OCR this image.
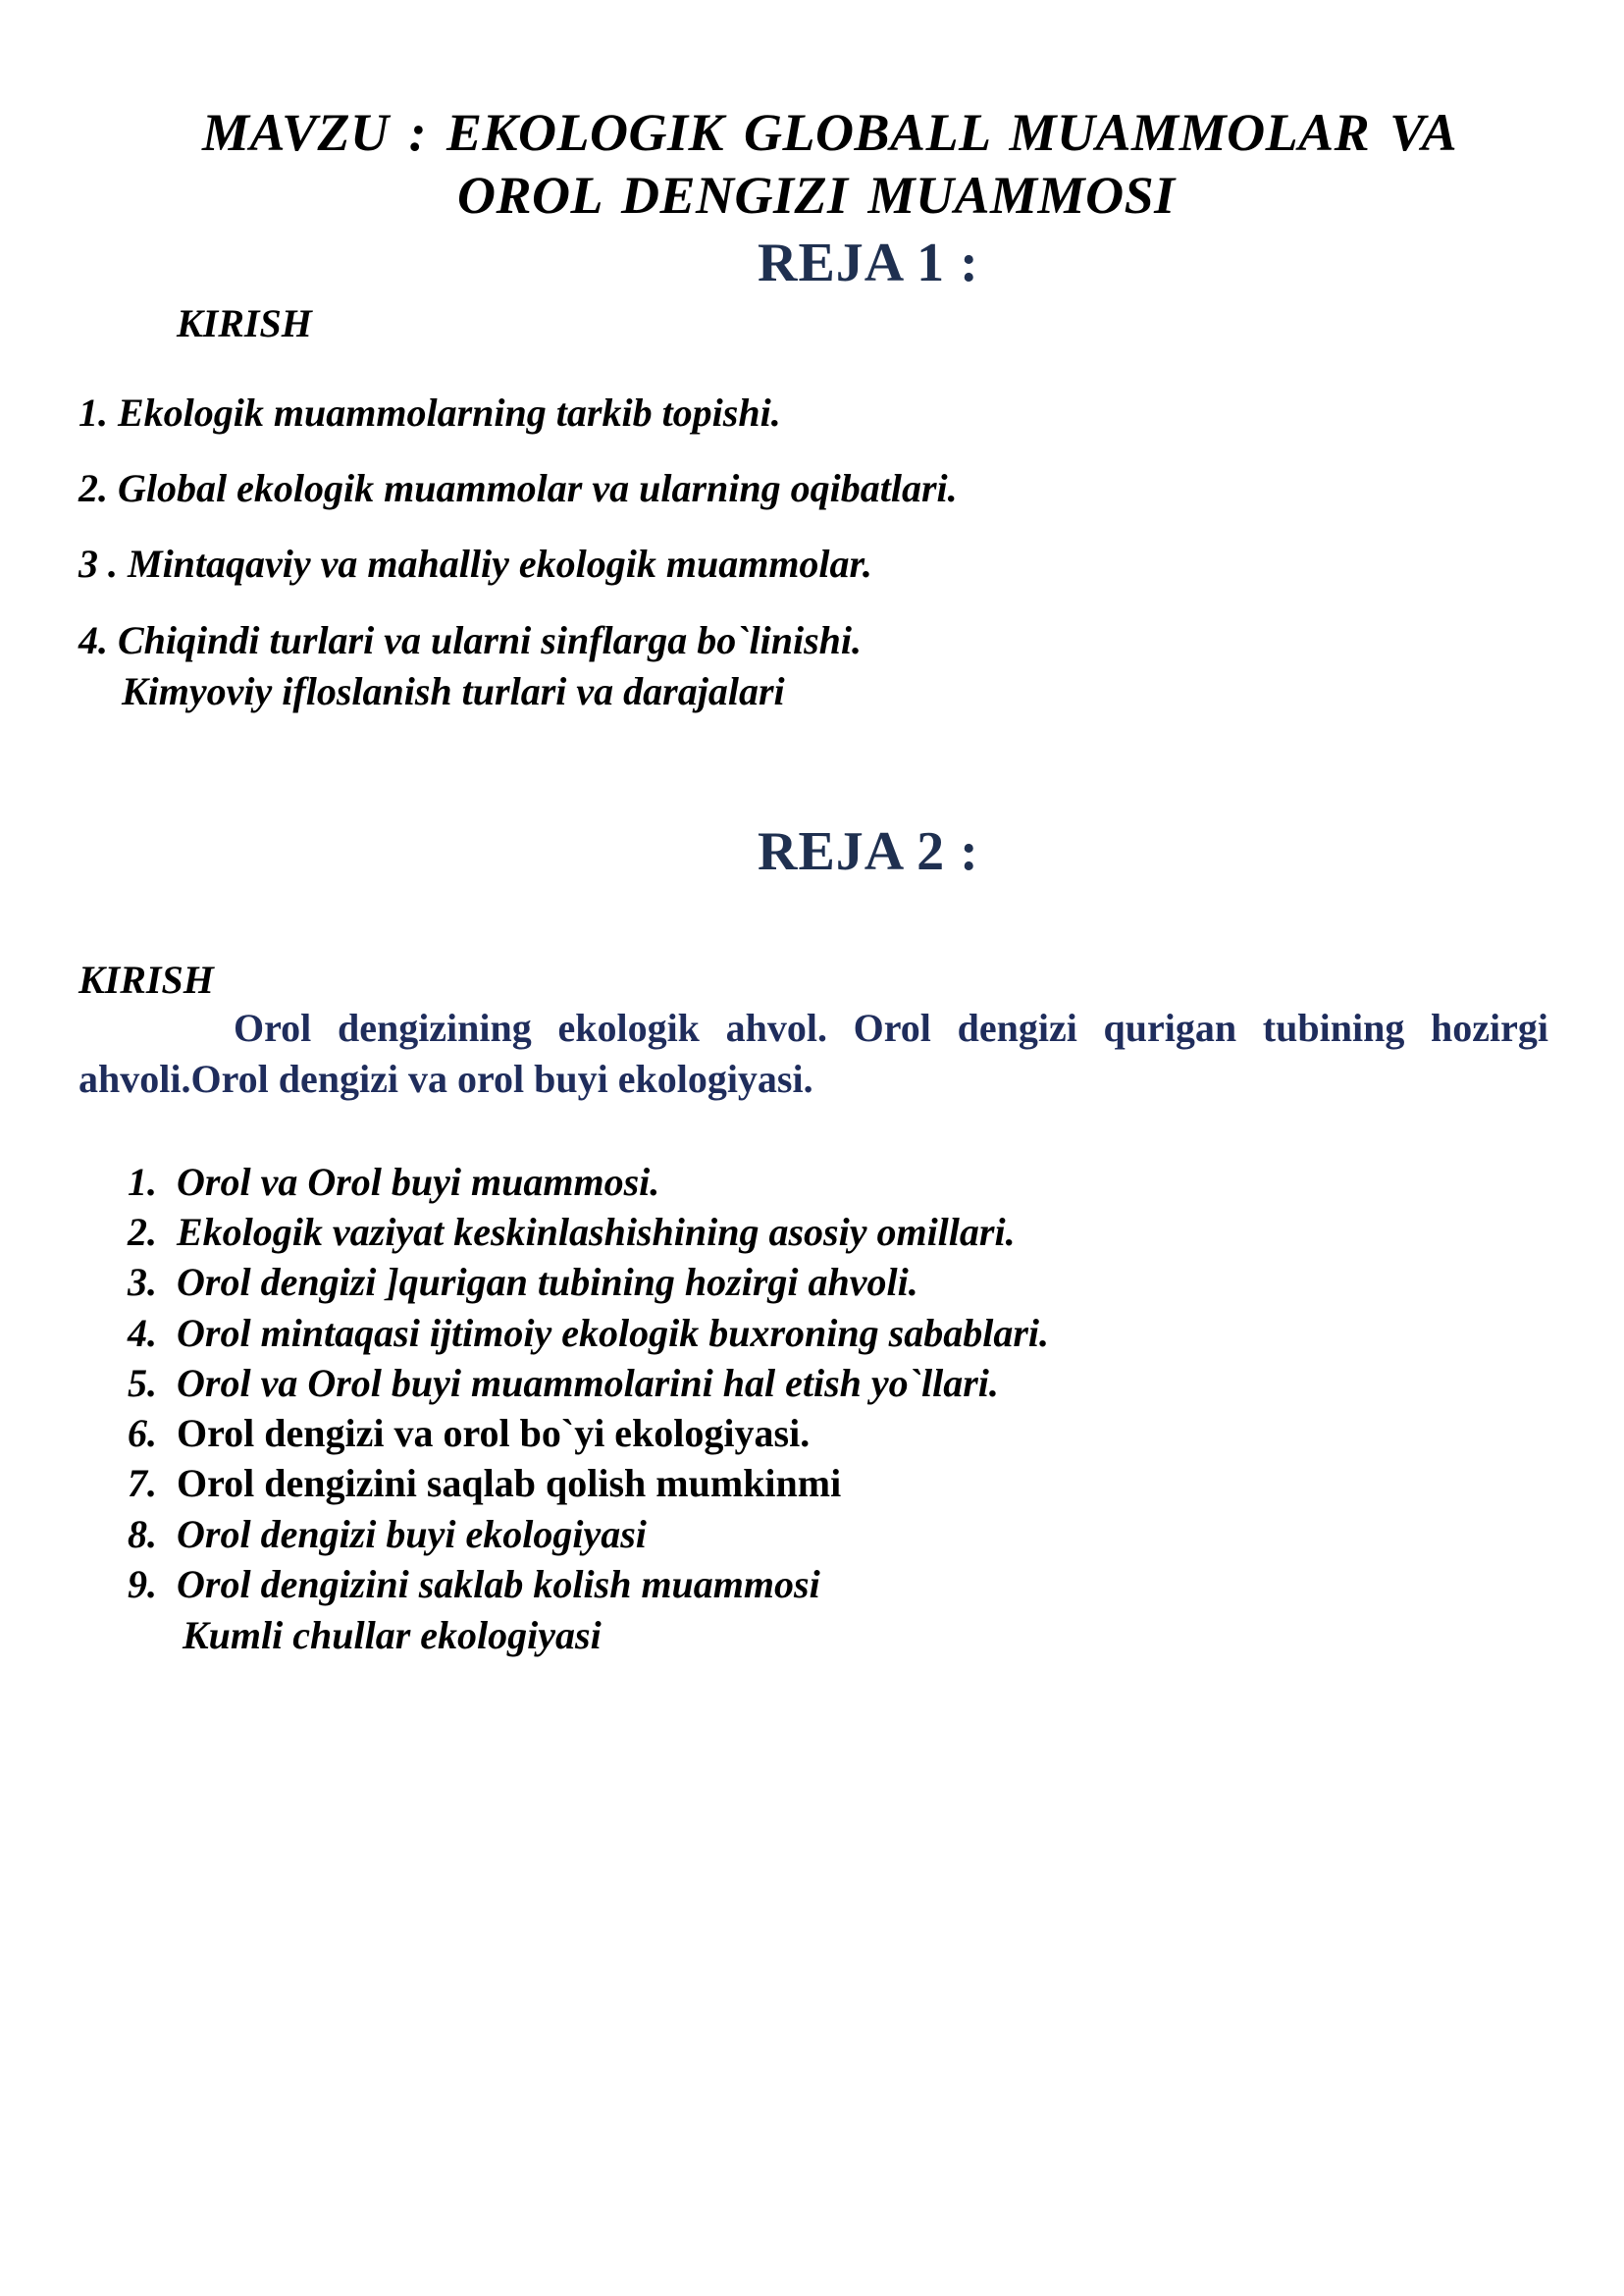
MAVZU : EKOLOGIK GLOBALL MUAMMOLAR VA
OROL DENGIZI MUAMMOSI
REJA 1 :
KIRISH
1. Ekologik muammolarning tarkib topishi.
2. Global ekologik muammolar va ularning oqibatlari.
3 . Mintaqaviy va mahalliy ekologik muammolar.
4. Chiqindi turlari va ularni sinflarga bo`linishi.
Kimyoviy ifloslanish turlari va darajalari
REJA 2 :
KIRISH
Orol dengizining ekologik ahvol. Orol dengizi qurigan tubining hozirgi
ahvoli.Orol dengizi va orol buyi ekologiyasi.
1. Orol va Orol buyi muammosi.
2. Ekologik vaziyat keskinlashishining asosiy omillari.
3. Orol dengizi ]qurigan tubining hozirgi ahvoli.
4. Orol mintaqasi ijtimoiy ekologik buxroning sabablari.
5. Orol va Orol buyi muammolarini hal etish yo`llari.
6. Orol dengizi va orol bo`yi ekologiyasi.
7. Orol dengizini saqlab qolish mumkinmi
8. Orol dengizi buyi ekologiyasi
9. Orol dengizini saklab kolish muammosi
Kumli chullar ekologiyasi
